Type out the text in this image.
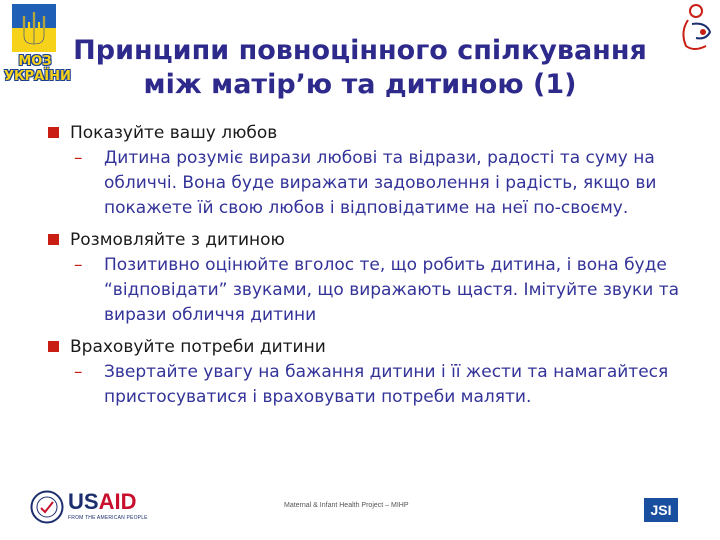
МОЗ
УКРАЇНИ
Принципи повноцінного спілкування
між матір’ю та дитиною (1)
Показуйте вашу любов
– Дитина розуміє вирази любові та відрази, радості та суму на обличчі. Вона буде виражати задоволення і радість, якщо ви покажете їй свою любов і відповідатиме на неї по-своєму.
Розмовляйте з дитиною
– Позитивно оцінюйте вголос те, що робить дитина, і вона буде “відповідати” звуками, що виражають щастя. Імітуйте звуки та вирази обличчя дитини
Враховуйте потреби дитини
– Звертайте увагу на бажання дитини і її жести та намагайтеся пристосуватися і враховувати потреби маляти.
USAID
FROM THE AMERICAN PEOPLE
Maternal & Infant Health Project – MIHP	JSI
